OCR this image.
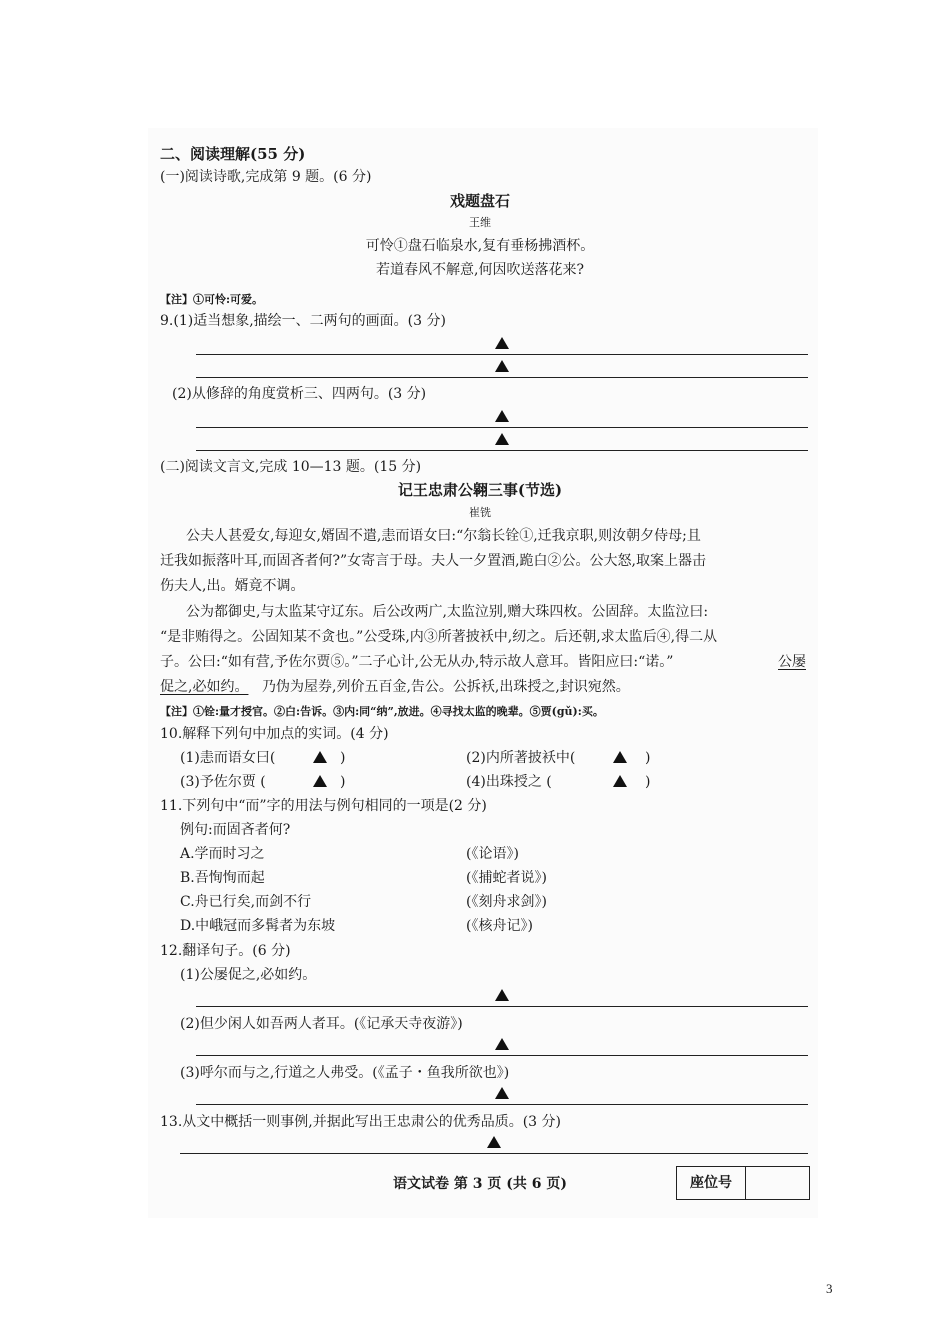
二、阅读理解(55 分)
(一)阅读诗歌,完成第 9 题。(6 分)
戏题盘石
王维
可怜①盘石临泉水,复有垂杨拂酒杯。
若道春风不解意,何因吹送落花来?
【注】①可怜:可爱。
9.(1)适当想象,描绘一、二两句的画面。(3 分)
(2)从修辞的角度赏析三、四两句。(3 分)
(二)阅读文言文,完成 10—13 题。(15 分)
记王忠肃公翱三事(节选)
崔铣
公夫人甚爱女,每迎女,婿固不遣,恚而语女曰:“尔翁长铨①,迁我京职,则汝朝夕侍母;且
迁我如振落叶耳,而固吝者何?”女寄言于母。夫人一夕置酒,跪白②公。公大怒,取案上器击
伤夫人,出。婿竟不调。
公为都御史,与太监某守辽东。后公改两广,太监泣别,赠大珠四枚。公固辞。太监泣曰:
“是非贿得之。公固知某不贪也。”公受珠,内③所著披袄中,纫之。后还朝,求太监后④,得二从
子。公曰:“如有营,予佐尔贾⑤。”二子心计,公无从办,特示故人意耳。皆阳应曰:“诺。”	公屡
促之,必如约。 乃伪为屋券,列价五百金,告公。公拆袄,出珠授之,封识宛然。
【注】①铨:量才授官。②白:告诉。③内:同“纳”,放进。④寻找太监的晚辈。⑤贾(gǔ):买。
10.解释下列句中加点的实词。(4 分)
(1)恚而语女曰(	)	(2)内所著披袄中(	)
(3)予佐尔贾 (	)	(4)出珠授之 (	)
11.下列句中“而”字的用法与例句相同的一项是(2 分)
例句:而固吝者何?
A.学而时习之	(《论语》)
B.吾恂恂而起	(《捕蛇者说》)
C.舟已行矣,而剑不行	(《刻舟求剑》)
D.中峨冠而多髯者为东坡	(《核舟记》)
12.翻译句子。(6 分)
(1)公屡促之,必如约。
(2)但少闲人如吾两人者耳。(《记承天寺夜游》)
(3)呼尔而与之,行道之人弗受。(《孟子・鱼我所欲也》)
13.从文中概括一则事例,并据此写出王忠肃公的优秀品质。(3 分)
语文试卷 第 3 页 (共 6 页)	座位号
3
